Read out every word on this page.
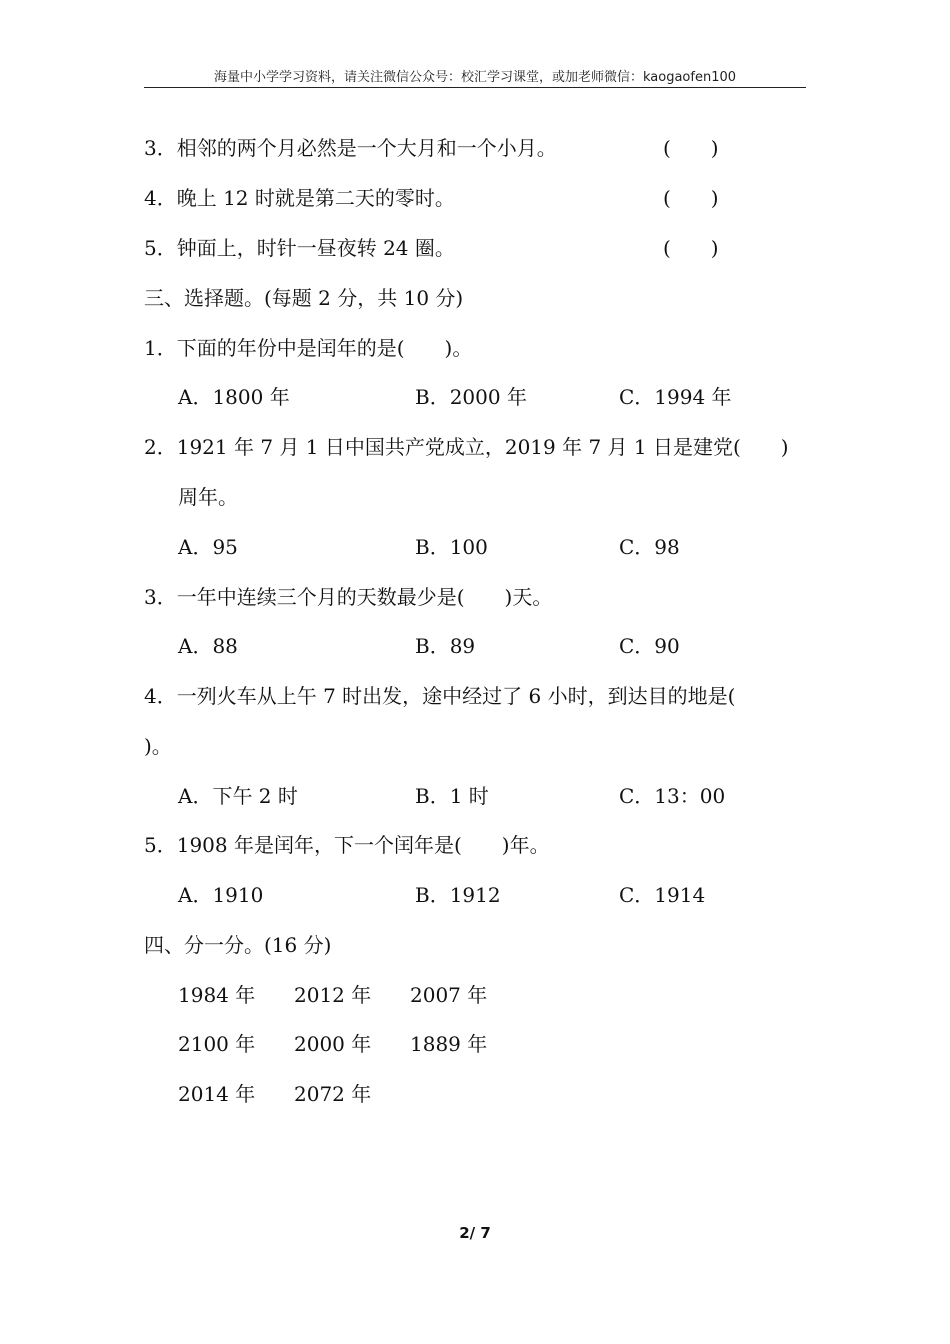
海量中小学学习资料，请关注微信公众号：校汇学习课堂，或加老师微信：kaogaofen100
3．相邻的两个月必然是一个大月和一个小月。	(　　)
4．晚上 12 时就是第二天的零时。	(　　)
5．钟面上，时针一昼夜转 24 圈。	(　　)
三、选择题。(每题 2 分，共 10 分)
1．下面的年份中是闰年的是(　　)。
A．1800 年	B．2000 年	C．1994 年
2．1921 年 7 月 1 日中国共产党成立，2019 年 7 月 1 日是建党(　　)
周年。
A．95	B．100	C．98
3．一年中连续三个月的天数最少是(　　)天。
A．88	B．89	C．90
4．一列火车从上午 7 时出发，途中经过了 6 小时，到达目的地是(
)。
A．下午 2 时	B．1 时	C．13：00
5．1908 年是闰年，下一个闰年是(　　)年。
A．1910	B．1912	C．1914
四、分一分。(16 分)
1984 年 2012 年 2007 年
2100 年 2000 年 1889 年
2014 年 2072 年
2/ 7
